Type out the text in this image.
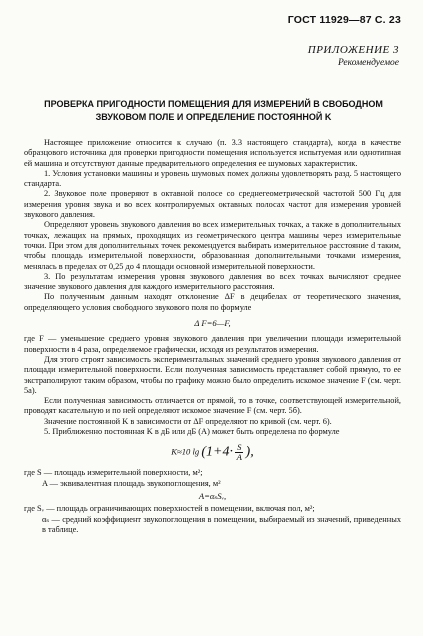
ГОСТ 11929—87 С. 23
ПРИЛОЖЕНИЕ 3
Рекомендуемое
ПРОВЕРКА ПРИГОДНОСТИ ПОМЕЩЕНИЯ ДЛЯ ИЗМЕРЕНИЙ В СВОБОДНОМ ЗВУКОВОМ ПОЛЕ И ОПРЕДЕЛЕНИЕ ПОСТОЯННОЙ K

Настоящее приложение относится к случаю (п. 3.3 настоящего стандарта), когда в качестве образцового источника для проверки пригодности помещения используется испытуемая или однотипная ей машина и отсутствуют данные предварительного определения ее шумовых характеристик.

1. Условия установки машины и уровень шумовых помех должны удовлетворять разд. 5 настоящего стандарта.

2. Звуковое поле проверяют в октавной полосе со среднегеометрической частотой 500 Гц для измерения уровня звука и во всех контролируемых октавных полосах частот для измерения уровней звукового давления.

Определяют уровень звукового давления во всех измерительных точках, а также в дополнительных точках, лежащих на прямых, проходящих из геометрического центра машины через измерительные точки. При этом для дополнительных точек рекомендуется выбирать измерительное расстояние d таким, чтобы площадь измерительной поверхности, образованная дополнительными точками измерения, менялась в пределах от 0,25 до 4 площади основной измерительной поверхности.

3. По результатам измерения уровня звукового давления во всех точках вычисляют среднее значение звукового давления для каждого измерительного расстояния.

По полученным данным находят отклонение ΔF в децибелах от теоретического значения, определяющего условия свободного звукового поля по формуле

Δ F=6—F,

где F — уменьшение среднего уровня звукового давления при увеличении площади измерительной поверхности в 4 раза, определяемое графически, исходя из результатов измерения.

Для этого строят зависимость экспериментальных значений среднего уровня звукового давления от площади измерительной поверхности. Если полученная зависимость представляет собой прямую, то ее экстраполируют таким образом, чтобы по графику можно было определить искомое значение F (см. черт. 5а).

Если полученная зависимость отличается от прямой, то в точке, соответствующей измерительной, проводят касательную и по ней определяют искомое значение F (см. черт. 5б).

Значение постоянной K в зависимости от ΔF определяют по кривой (см. черт. 6).

5. Приближенно постоянная K в дБ или дБ (A) может быть определена по формуле

K≈10 $\lg (1+4\cdot \frac{S}{A}$ ),

где S — площадь измерительной поверхности, м²;

A — эквивалентная площадь звукопоглощения, м²

A=αₛSᵥ,

где Sᵥ — площадь ограничивающих поверхностей в помещении, включая пол, м²;

αₛ — средний коэффициент звукопоглощения в помещении, выбираемый из значений, приведенных в таблице.
